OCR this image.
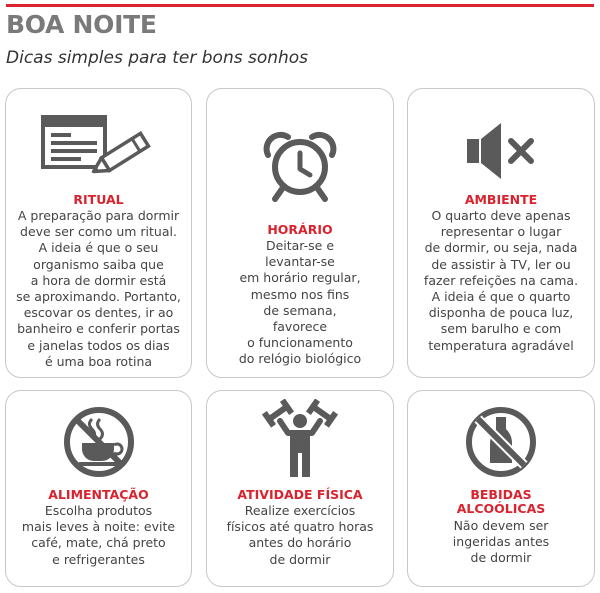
BOA NOITE
Dicas simples para ter bons sonhos
RITUAL
A preparação para dormir
deve ser como um ritual.
A ideia é que o seu
organismo saiba que
a hora de dormir está
se aproximando. Portanto,
escovar os dentes, ir ao
banheiro e conferir portas
e janelas todos os dias
é uma boa rotina
HORÁRIO
Deitar-se e
levantar-se
em horário regular,
mesmo nos fins
de semana,
favorece
o funcionamento
do relógio biológico
AMBIENTE
O quarto deve apenas
representar o lugar
de dormir, ou seja, nada
de assistir à TV, ler ou
fazer refeições na cama.
A ideia é que o quarto
disponha de pouca luz,
sem barulho e com
temperatura agradável
ALIMENTAÇÃO
Escolha produtos
mais leves à noite: evite
café, mate, chá preto
e refrigerantes
ATIVIDADE FÍSICA
Realize exercícios
físicos até quatro horas
antes do horário
de dormir
BEBIDAS
ALCOÓLICAS
Não devem ser
ingeridas antes
de dormir
